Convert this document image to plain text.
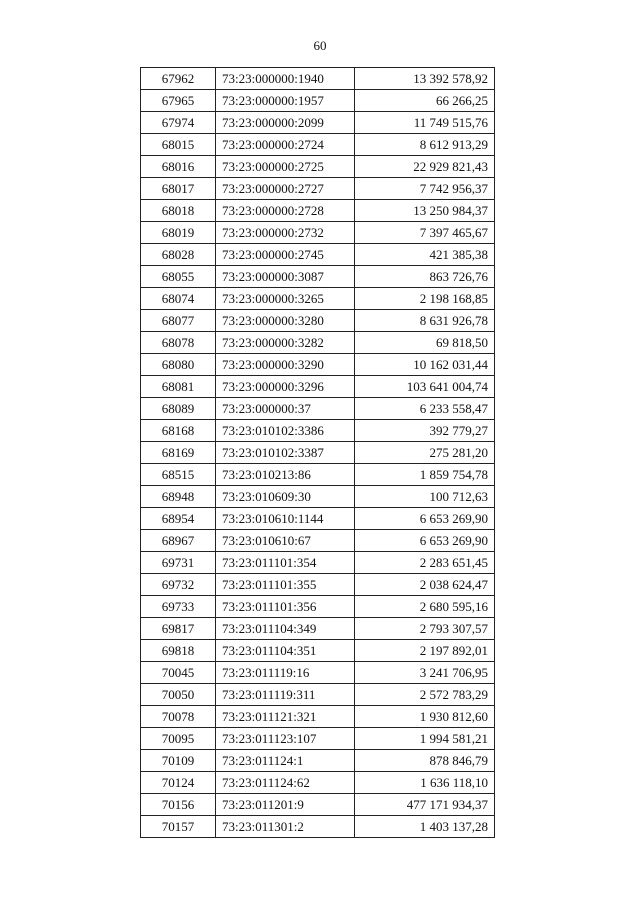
60
67962	73:23:000000:1940	13 392 578,92
67965	73:23:000000:1957	66 266,25
67974	73:23:000000:2099	11 749 515,76
68015	73:23:000000:2724	8 612 913,29
68016	73:23:000000:2725	22 929 821,43
68017	73:23:000000:2727	7 742 956,37
68018	73:23:000000:2728	13 250 984,37
68019	73:23:000000:2732	7 397 465,67
68028	73:23:000000:2745	421 385,38
68055	73:23:000000:3087	863 726,76
68074	73:23:000000:3265	2 198 168,85
68077	73:23:000000:3280	8 631 926,78
68078	73:23:000000:3282	69 818,50
68080	73:23:000000:3290	10 162 031,44
68081	73:23:000000:3296	103 641 004,74
68089	73:23:000000:37	6 233 558,47
68168	73:23:010102:3386	392 779,27
68169	73:23:010102:3387	275 281,20
68515	73:23:010213:86	1 859 754,78
68948	73:23:010609:30	100 712,63
68954	73:23:010610:1144	6 653 269,90
68967	73:23:010610:67	6 653 269,90
69731	73:23:011101:354	2 283 651,45
69732	73:23:011101:355	2 038 624,47
69733	73:23:011101:356	2 680 595,16
69817	73:23:011104:349	2 793 307,57
69818	73:23:011104:351	2 197 892,01
70045	73:23:011119:16	3 241 706,95
70050	73:23:011119:311	2 572 783,29
70078	73:23:011121:321	1 930 812,60
70095	73:23:011123:107	1 994 581,21
70109	73:23:011124:1	878 846,79
70124	73:23:011124:62	1 636 118,10
70156	73:23:011201:9	477 171 934,37
70157	73:23:011301:2	1 403 137,28
